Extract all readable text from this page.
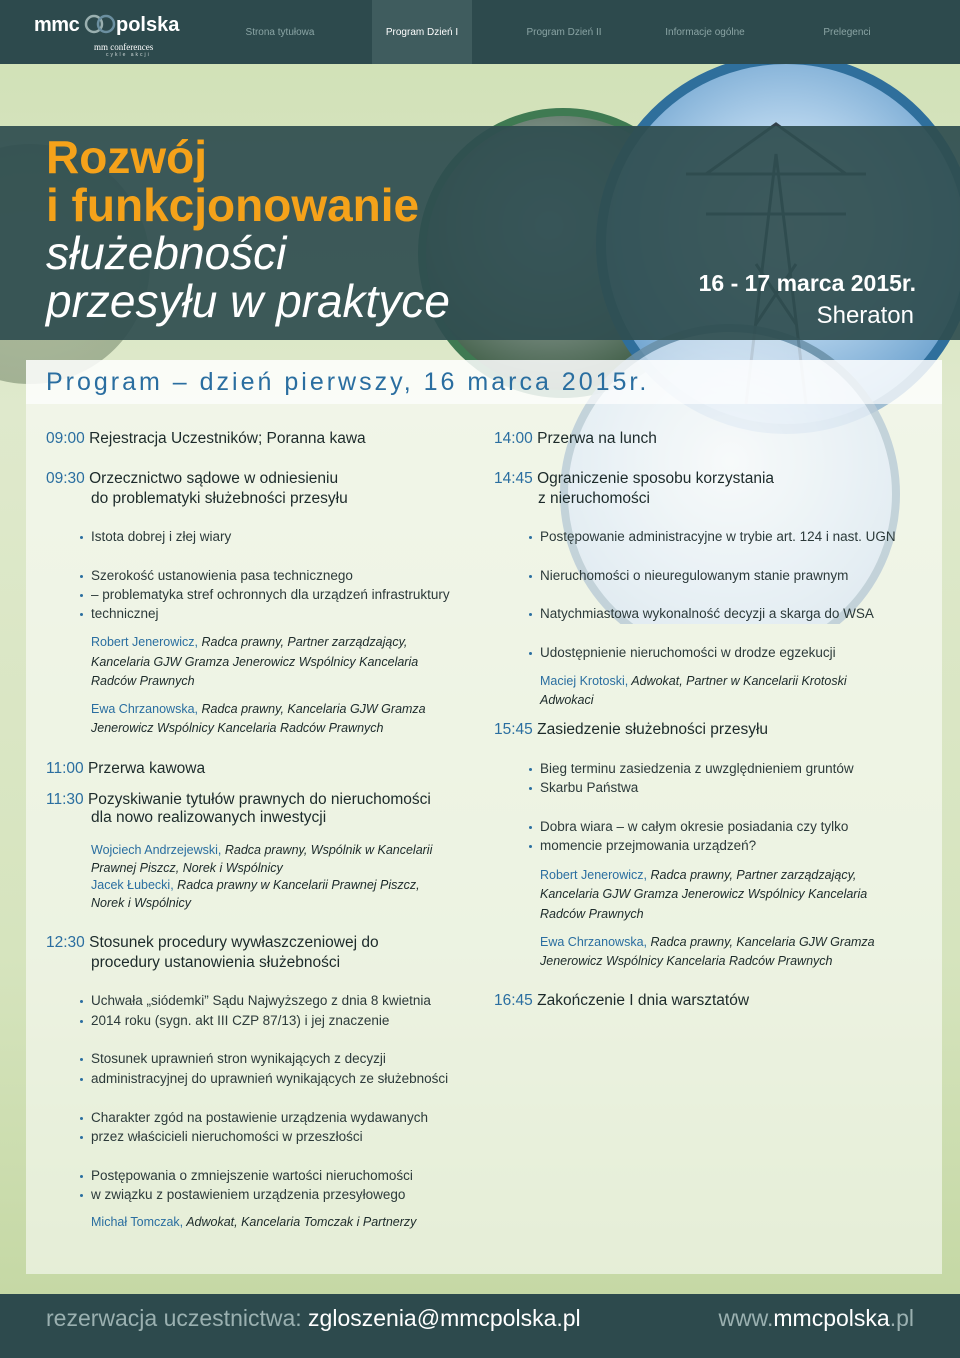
mmc polska
mm conferences
cykle akcji
Strona tytułowa	Program Dzień I	Program Dzień II	Informacje ogólne	Prelegenci
Rozwój
i funkcjonowanie
służebności
przesyłu w praktyce	16 - 17 marca 2015r.
Sheraton
Program – dzień pierwszy, 16 marca 2015r.
09:00 Rejestracja Uczestników; Poranna kawa
09:30 Orzecznictwo sądowe w odniesieniu
do problematyki służebności przesyłu
Istota dobrej i złej wiary
Szerokość ustanowienia pasa technicznego
– problematyka stref ochronnych dla urządzeń infrastruktury
technicznej
Robert Jenerowicz, Radca prawny, Partner zarządzający,
Kancelaria GJW Gramza Jenerowicz Wspólnicy Kancelaria
Radców Prawnych
Ewa Chrzanowska, Radca prawny, Kancelaria GJW Gramza
Jenerowicz Wspólnicy Kancelaria Radców Prawnych
11:00 Przerwa kawowa
11:30 Pozyskiwanie tytułów prawnych do nieruchomości
dla nowo realizowanych inwestycji
Wojciech Andrzejewski, Radca prawny, Wspólnik w Kancelarii
Prawnej Piszcz, Norek i Wspólnicy
Jacek Łubecki, Radca prawny w Kancelarii Prawnej Piszcz,
Norek i Wspólnicy
12:30 Stosunek procedury wywłaszczeniowej do
procedury ustanowienia służebności
Uchwała „siódemki” Sądu Najwyższego z dnia 8 kwietnia
2014 roku (sygn. akt III CZP 87/13) i jej znaczenie
Stosunek uprawnień stron wynikających z decyzji
administracyjnej do uprawnień wynikających ze służebności
Charakter zgód na postawienie urządzenia wydawanych
przez właścicieli nieruchomości w przeszłości
Postępowania o zmniejszenie wartości nieruchomości
w związku z postawieniem urządzenia przesyłowego
Michał Tomczak, Adwokat, Kancelaria Tomczak i Partnerzy
14:00 Przerwa na lunch
14:45 Ograniczenie sposobu korzystania
z nieruchomości
Postępowanie administracyjne w trybie art. 124 i nast. UGN
Nieruchomości o nieuregulowanym stanie prawnym
Natychmiastowa wykonalność decyzji a skarga do WSA
Udostępnienie nieruchomości w drodze egzekucji
Maciej Krotoski, Adwokat, Partner w Kancelarii Krotoski
Adwokaci
15:45 Zasiedzenie służebności przesyłu
Bieg terminu zasiedzenia z uwzględnieniem gruntów
Skarbu Państwa
Dobra wiara – w całym okresie posiadania czy tylko
momencie przejmowania urządzeń?
Robert Jenerowicz, Radca prawny, Partner zarządzający,
Kancelaria GJW Gramza Jenerowicz Wspólnicy Kancelaria
Radców Prawnych
Ewa Chrzanowska, Radca prawny, Kancelaria GJW Gramza
Jenerowicz Wspólnicy Kancelaria Radców Prawnych
16:45 Zakończenie I dnia warsztatów
rezerwacja uczestnictwa: zgloszenia@mmcpolska.pl	www.mmcpolska.pl
